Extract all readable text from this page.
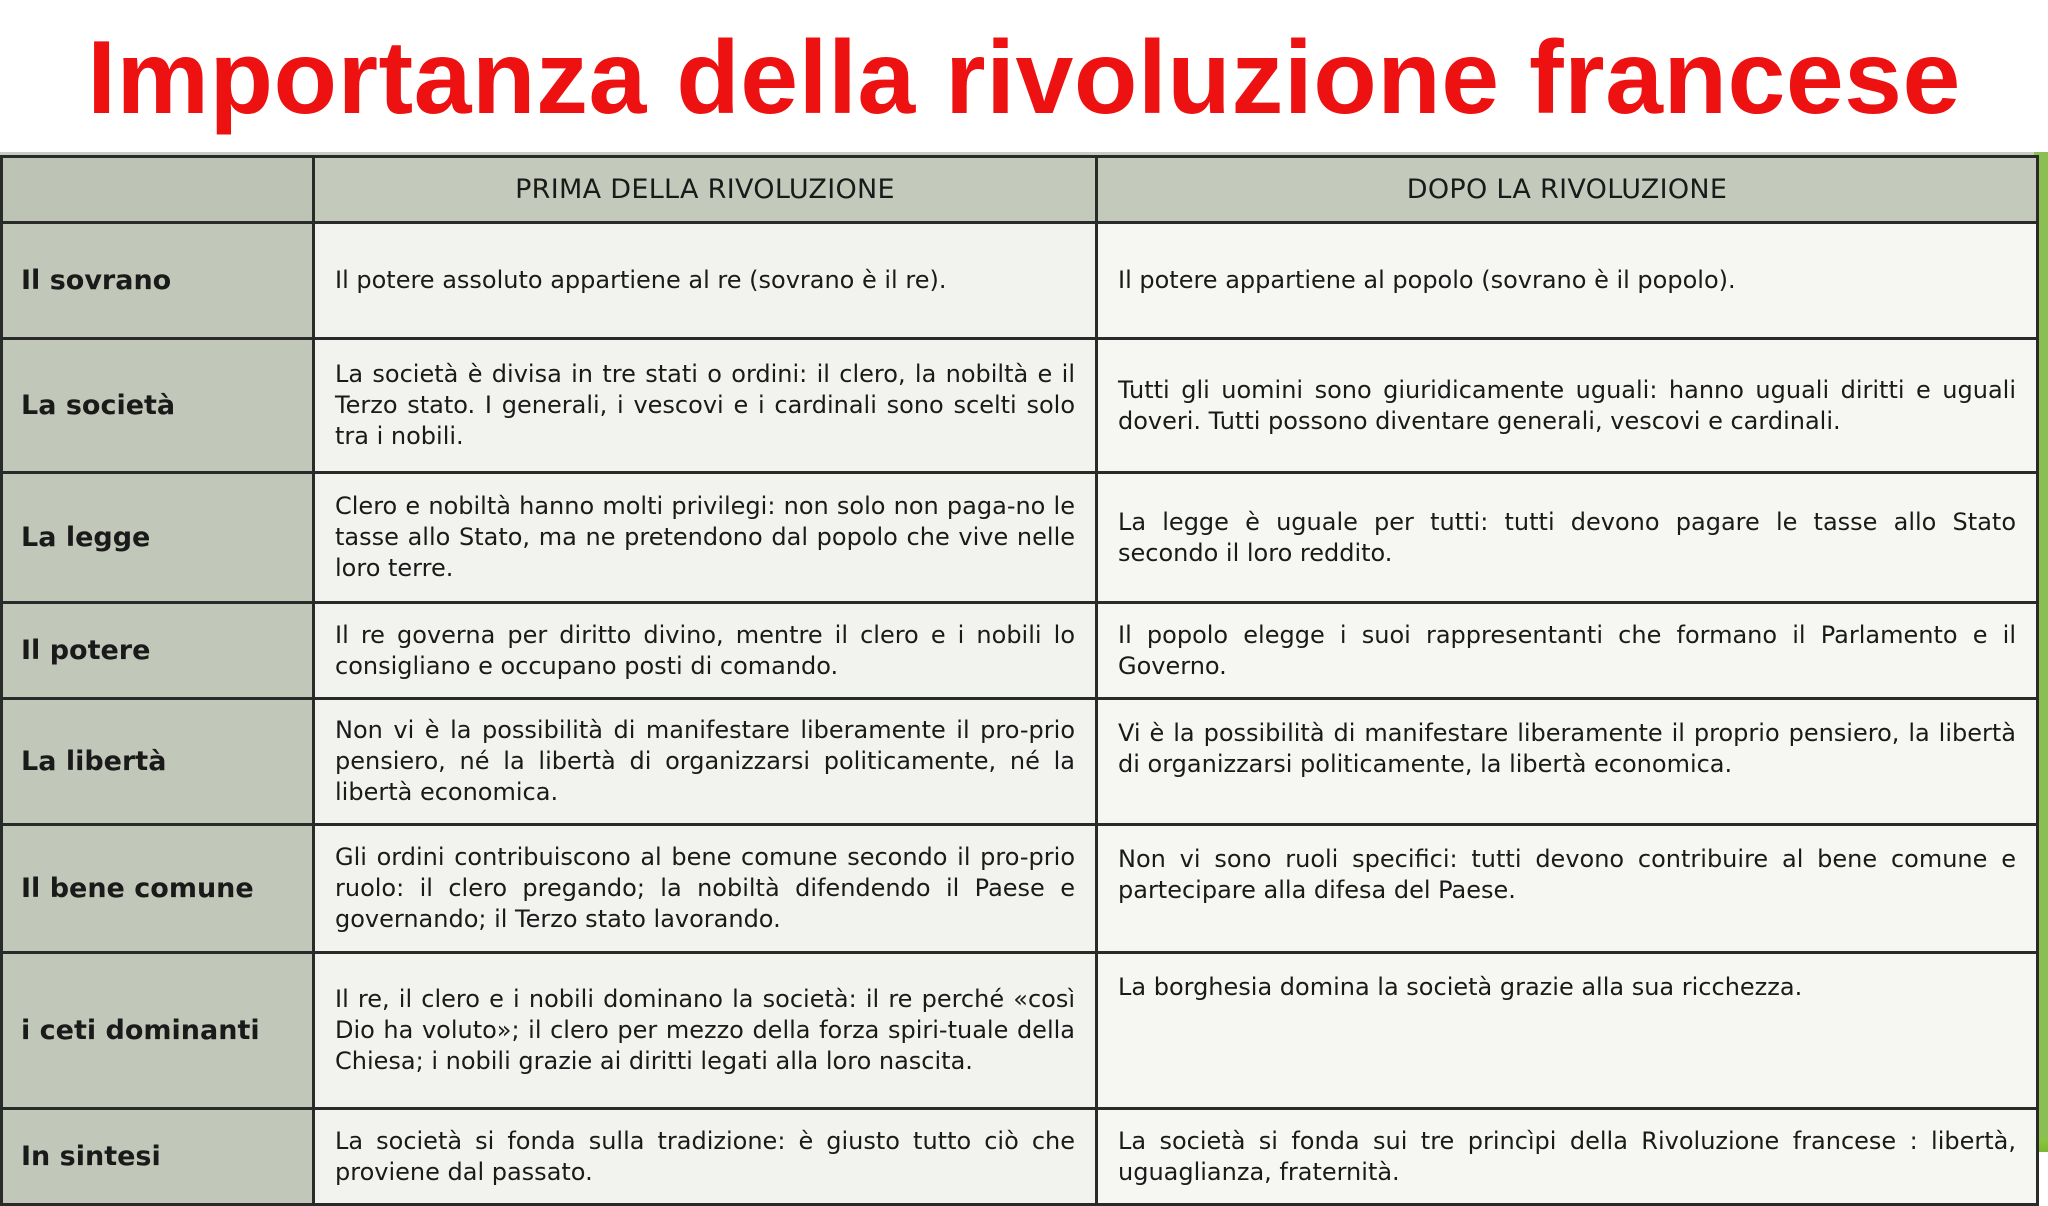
Importanza della rivoluzione francese
	PRIMA DELLA RIVOLUZIONE	DOPO LA RIVOLUZIONE
Il sovrano	Il potere assoluto appartiene al re (sovrano è il re).	Il potere appartiene al popolo (sovrano è il popolo).
La società	La società è divisa in tre stati o ordini: il clero, la nobiltà e il Terzo stato. I generali, i vescovi e i cardinali sono scelti solo tra i nobili.	Tutti gli uomini sono giuridicamente uguali: hanno uguali diritti e uguali doveri. Tutti possono diventare generali, vescovi e cardinali.
La legge	Clero e nobiltà hanno molti privilegi: non solo non paga-no le tasse allo Stato, ma ne pretendono dal popolo che vive nelle loro terre.	La legge è uguale per tutti: tutti devono pagare le tasse allo Stato secondo il loro reddito.
Il potere	Il re governa per diritto divino, mentre il clero e i nobili lo consigliano e occupano posti di comando.	Il popolo elegge i suoi rappresentanti che formano il Parlamento e il Governo.
La libertà	Non vi è la possibilità di manifestare liberamente il pro-prio pensiero, né la libertà di organizzarsi politicamente, né la libertà economica.	Vi è la possibilità di manifestare liberamente il proprio pensiero, la libertà di organizzarsi politicamente, la libertà economica.
Il bene comune	Gli ordini contribuiscono al bene comune secondo il pro-prio ruolo: il clero pregando; la nobiltà difendendo il Paese e governando; il Terzo stato lavorando.	Non vi sono ruoli specifici: tutti devono contribuire al bene comune e partecipare alla difesa del Paese.
i ceti dominanti	Il re, il clero e i nobili dominano la società: il re perché «così Dio ha voluto»; il clero per mezzo della forza spiri-tuale della Chiesa; i nobili grazie ai diritti legati alla loro nascita.	La borghesia domina la società grazie alla sua ricchezza.
In sintesi	La società si fonda sulla tradizione: è giusto tutto ciò che proviene dal passato.	La società si fonda sui tre princìpi della Rivoluzione francese : libertà, uguaglianza, fraternità.
